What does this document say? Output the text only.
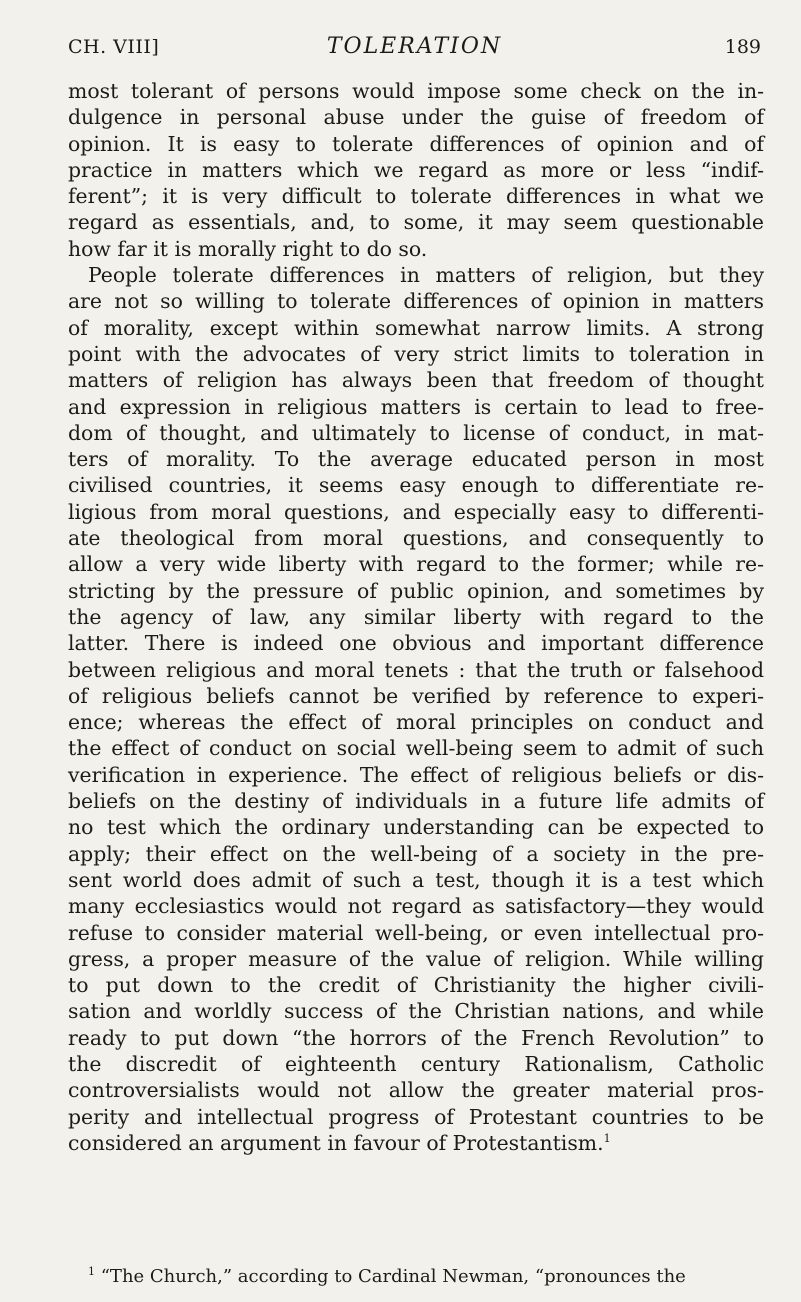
CH. VIII]	TOLERATION	189
most tolerant of persons would impose some check on the in-
dulgence in personal abuse under the guise of freedom of
opinion. It is easy to tolerate differences of opinion and of
practice in matters which we regard as more or less “indif-
ferent”; it is very difficult to tolerate differences in what we
regard as essentials, and, to some, it may seem questionable
how far it is morally right to do so.
People tolerate differences in matters of religion, but they
are not so willing to tolerate differences of opinion in matters
of morality, except within somewhat narrow limits. A strong
point with the advocates of very strict limits to toleration in
matters of religion has always been that freedom of thought
and expression in religious matters is certain to lead to free-
dom of thought, and ultimately to license of conduct, in mat-
ters of morality. To the average educated person in most
civilised countries, it seems easy enough to differentiate re-
ligious from moral questions, and especially easy to differenti-
ate theological from moral questions, and consequently to
allow a very wide liberty with regard to the former; while re-
stricting by the pressure of public opinion, and sometimes by
the agency of law, any similar liberty with regard to the
latter. There is indeed one obvious and important difference
between religious and moral tenets : that the truth or falsehood
of religious beliefs cannot be verified by reference to experi-
ence; whereas the effect of moral principles on conduct and
the effect of conduct on social well-being seem to admit of such
verification in experience. The effect of religious beliefs or dis-
beliefs on the destiny of individuals in a future life admits of
no test which the ordinary understanding can be expected to
apply; their effect on the well-being of a society in the pre-
sent world does admit of such a test, though it is a test which
many ecclesiastics would not regard as satisfactory—they would
refuse to consider material well-being, or even intellectual pro-
gress, a proper measure of the value of religion. While willing
to put down to the credit of Christianity the higher civili-
sation and worldly success of the Christian nations, and while
ready to put down “the horrors of the French Revolution” to
the discredit of eighteenth century Rationalism, Catholic
controversialists would not allow the greater material pros-
perity and intellectual progress of Protestant countries to be
considered an argument in favour of Protestantism.$^1$
$^1$ “The Church,” according to Cardinal Newman, “pronounces the
